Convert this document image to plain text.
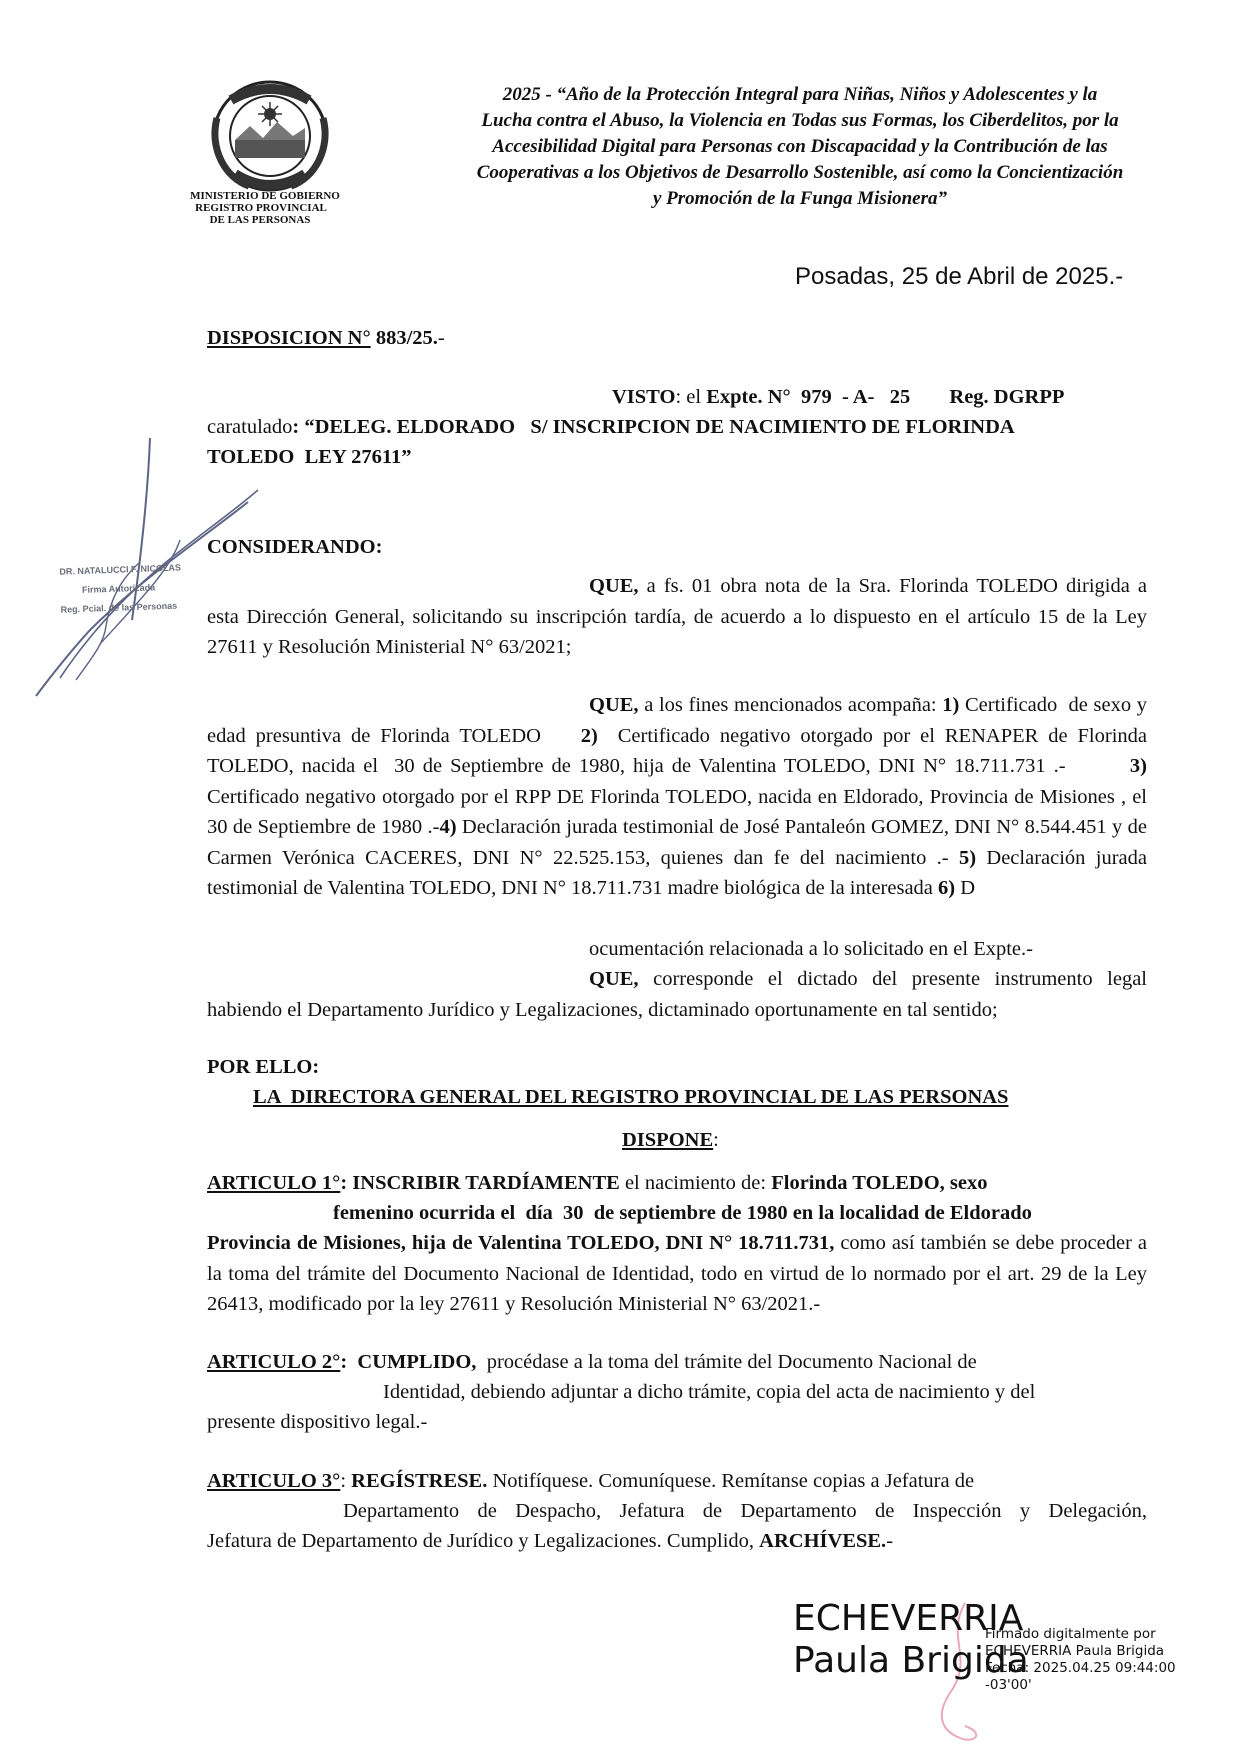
MINISTERIO DE GOBIERNO
REGISTRO PROVINCIAL
DE LAS PERSONAS
2025 - “Año de la Protección Integral para Niñas, Niños y Adolescentes y la
Lucha contra el Abuso, la Violencia en Todas sus Formas, los Ciberdelitos, por la
Accesibilidad Digital para Personas con Discapacidad y la Contribución de las
Cooperativas a los Objetivos de Desarrollo Sostenible, así como la Concientización
y Promoción de la Funga Misionera”
Posadas, 25 de Abril de 2025.-
DISPOSICION N° 883/25.-
VISTO: el Expte. N°  979  - A-   25 Reg. DGRPP
caratulado: “DELEG. ELDORADO   S/ INSCRIPCION DE NACIMIENTO DE FLORINDA
TOLEDO  LEY 27611”
DR. NATALUCCI F. NICOLAS
Firma Autorizada
Reg. Pcial. de las Personas
CONSIDERANDO:
QUE, a fs. 01 obra nota de la Sra. Florinda TOLEDO dirigida a esta Dirección General, solicitando su inscripción tardía, de acuerdo a lo dispuesto en el artículo 15 de la Ley 27611 y Resolución Ministerial N° 63/2021;
QUE, a los fines mencionados acompaña: 1) Certificado  de sexo y edad presuntiva de Florinda TOLEDO    2)  Certificado negativo otorgado por el RENAPER de Florinda TOLEDO, nacida el  30 de Septiembre de 1980, hija de Valentina TOLEDO, DNI N° 18.711.731 .-        3) Certificado negativo otorgado por el RPP DE Florinda TOLEDO, nacida en Eldorado, Provincia de Misiones , el 30 de Septiembre de 1980 .-4) Declaración jurada testimonial de José Pantaleón GOMEZ, DNI N° 8.544.451 y de Carmen Verónica CACERES, DNI N° 22.525.153, quienes dan fe del nacimiento .- 5) Declaración jurada testimonial de Valentina TOLEDO, DNI N° 18.711.731 madre biológica de la interesada 6) D
ocumentación relacionada a lo solicitado en el Expte.-
QUE, corresponde el dictado del presente instrumento legal habiendo el Departamento Jurídico y Legalizaciones, dictaminado oportunamente en tal sentido;
POR ELLO:
LA  DIRECTORA GENERAL DEL REGISTRO PROVINCIAL DE LAS PERSONAS
DISPONE:
ARTICULO 1°: INSCRIBIR TARDÍAMENTE el nacimiento de: Florinda TOLEDO, sexo
femenino ocurrida el  día  30  de septiembre de 1980 en la localidad de Eldorado
Provincia de Misiones, hija de Valentina TOLEDO, DNI N° 18.711.731, como así también se debe proceder a la toma del trámite del Documento Nacional de Identidad, todo en virtud de lo normado por el art. 29 de la Ley 26413, modificado por la ley 27611 y Resolución Ministerial N° 63/2021.-
ARTICULO 2°:  CUMPLIDO,  procédase a la toma del trámite del Documento Nacional de
Identidad, debiendo adjuntar a dicho trámite, copia del acta de nacimiento y del
presente dispositivo legal.-
ARTICULO 3°: REGÍSTRESE. Notifíquese. Comuníquese. Remítanse copias a Jefatura de
Departamento de Despacho, Jefatura de Departamento de Inspección y Delegación,
Jefatura de Departamento de Jurídico y Legalizaciones. Cumplido, ARCHÍVESE.-
ECHEVERRIA
Paula Brigida
Firmado digitalmente por
ECHEVERRIA Paula Brigida
Fecha: 2025.04.25 09:44:00
-03'00'
